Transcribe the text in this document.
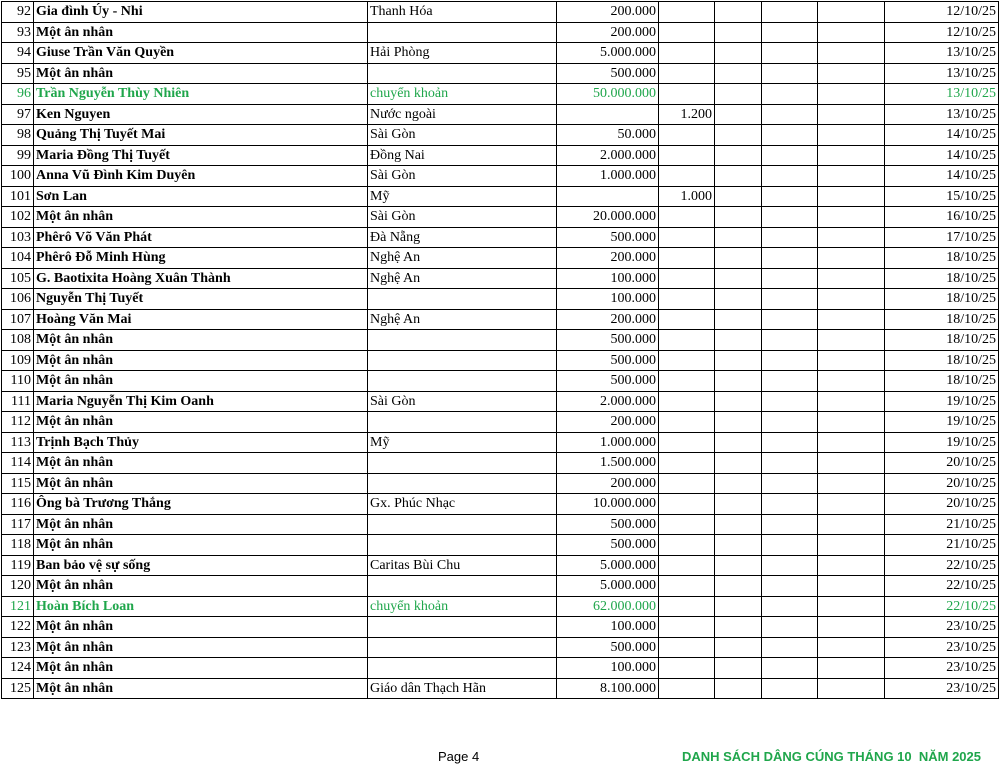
92	Gia đình Úy - Nhi	Thanh Hóa	200.000					12/10/25
93	Một ân nhân		200.000					12/10/25
94	Giuse Trần Văn Quyền	Hải Phòng	5.000.000					13/10/25
95	Một ân nhân		500.000					13/10/25
96	Trần Nguyễn Thùy Nhiên	chuyển khoản	50.000.000					13/10/25
97	Ken Nguyen	Nước ngoài		1.200				13/10/25
98	Quảng Thị Tuyết Mai	Sài Gòn	50.000					14/10/25
99	Maria Đồng Thị Tuyết	Đồng Nai	2.000.000					14/10/25
100	Anna Vũ Đình Kim Duyên	Sài Gòn	1.000.000					14/10/25
101	Sơn Lan	Mỹ		1.000				15/10/25
102	Một ân nhân	Sài Gòn	20.000.000					16/10/25
103	Phêrô Võ Văn Phát	Đà Nẵng	500.000					17/10/25
104	Phêrô Đỗ Minh Hùng	Nghệ An	200.000					18/10/25
105	G. Baotixita Hoàng Xuân Thành	Nghệ An	100.000					18/10/25
106	Nguyễn Thị Tuyết		100.000					18/10/25
107	Hoàng Văn Mai	Nghệ An	200.000					18/10/25
108	Một ân nhân		500.000					18/10/25
109	Một ân nhân		500.000					18/10/25
110	Một ân nhân		500.000					18/10/25
111	Maria Nguyễn Thị Kim Oanh	Sài Gòn	2.000.000					19/10/25
112	Một ân nhân		200.000					19/10/25
113	Trịnh Bạch Thủy	Mỹ	1.000.000					19/10/25
114	Một ân nhân		1.500.000					20/10/25
115	Một ân nhân		200.000					20/10/25
116	Ông bà Trương Thắng	Gx. Phúc Nhạc	10.000.000					20/10/25
117	Một ân nhân		500.000					21/10/25
118	Một ân nhân		500.000					21/10/25
119	Ban bảo vệ sự sống	Caritas Bùi Chu	5.000.000					22/10/25
120	Một ân nhân		5.000.000					22/10/25
121	Hoàn Bích Loan	chuyển khoản	62.000.000					22/10/25
122	Một ân nhân		100.000					23/10/25
123	Một ân nhân		500.000					23/10/25
124	Một ân nhân		100.000					23/10/25
125	Một ân nhân	Giáo dân Thạch Hãn	8.100.000					23/10/25
Page 4	DANH SÁCH DÂNG CÚNG THÁNG 10  NĂM 2025
